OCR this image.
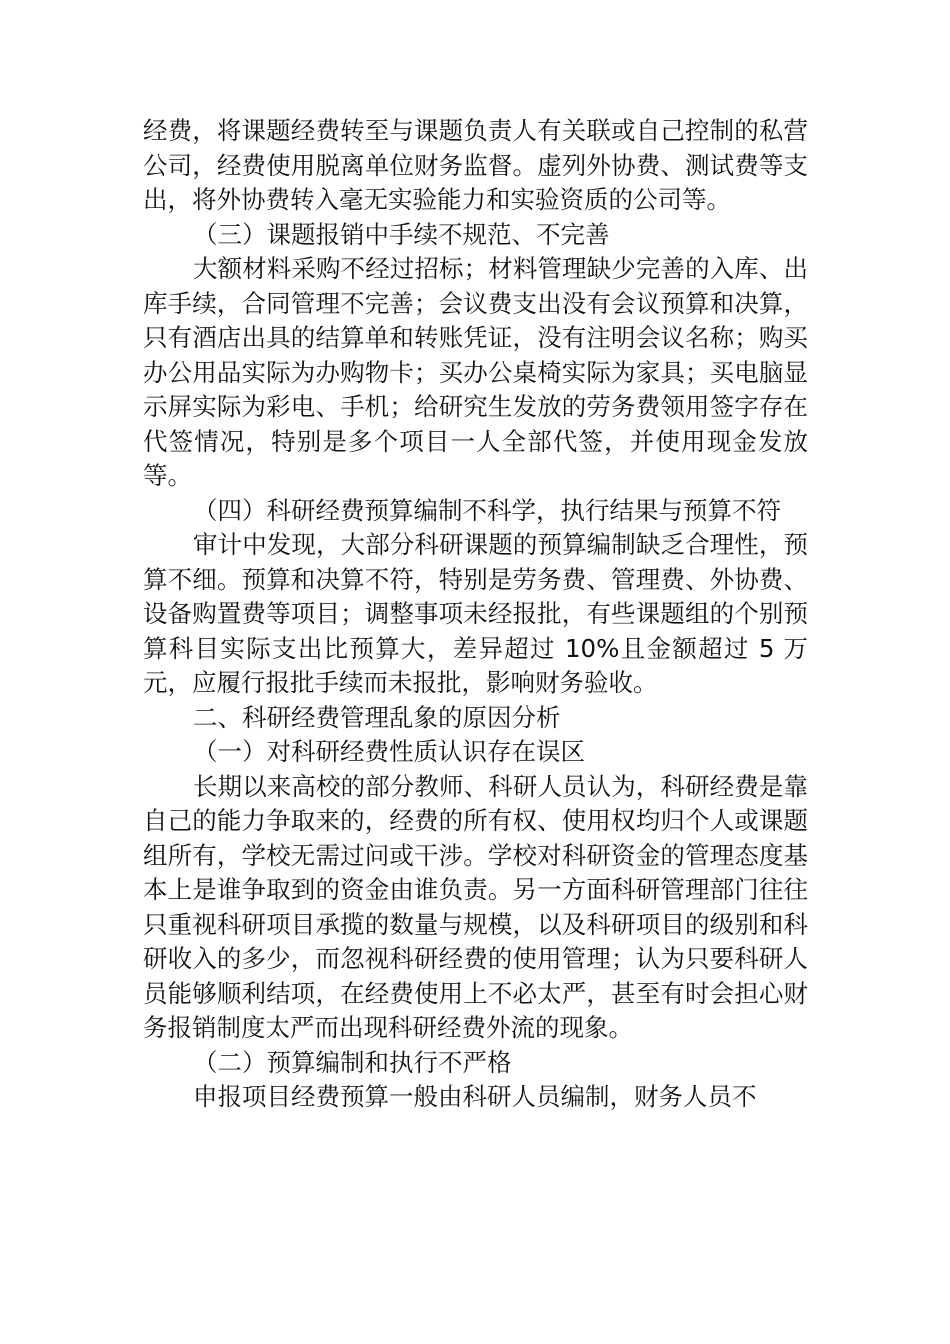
经费，将课题经费转至与课题负责人有关联或自己控制的私营公司，经费使用脱离单位财务监督。虚列外协费、测试费等支出，将外协费转入毫无实验能力和实验资质的公司等。

（三）课题报销中手续不规范、不完善

大额材料采购不经过招标；材料管理缺少完善的入库、出库手续，合同管理不完善；会议费支出没有会议预算和决算，只有酒店出具的结算单和转账凭证，没有注明会议名称；购买办公用品实际为办购物卡；买办公桌椅实际为家具；买电脑显示屏实际为彩电、手机；给研究生发放的劳务费领用签字存在代签情况，特别是多个项目一人全部代签，并使用现金发放等。

（四）科研经费预算编制不科学，执行结果与预算不符

审计中发现，大部分科研课题的预算编制缺乏合理性，预算不细。预算和决算不符，特别是劳务费、管理费、外协费、设备购置费等项目；调整事项未经报批，有些课题组的个别预算科目实际支出比预算大，差异超过 10%且金额超过 5 万元，应履行报批手续而未报批，影响财务验收。

二、科研经费管理乱象的原因分析

（一）对科研经费性质认识存在误区

长期以来高校的部分教师、科研人员认为，科研经费是靠自己的能力争取来的，经费的所有权、使用权均归个人或课题组所有，学校无需过问或干涉。学校对科研资金的管理态度基本上是谁争取到的资金由谁负责。另一方面科研管理部门往往只重视科研项目承揽的数量与规模，以及科研项目的级别和科研收入的多少，而忽视科研经费的使用管理；认为只要科研人员能够顺利结项，在经费使用上不必太严，甚至有时会担心财务报销制度太严而出现科研经费外流的现象。

（二）预算编制和执行不严格

申报项目经费预算一般由科研人员编制，财务人员不
